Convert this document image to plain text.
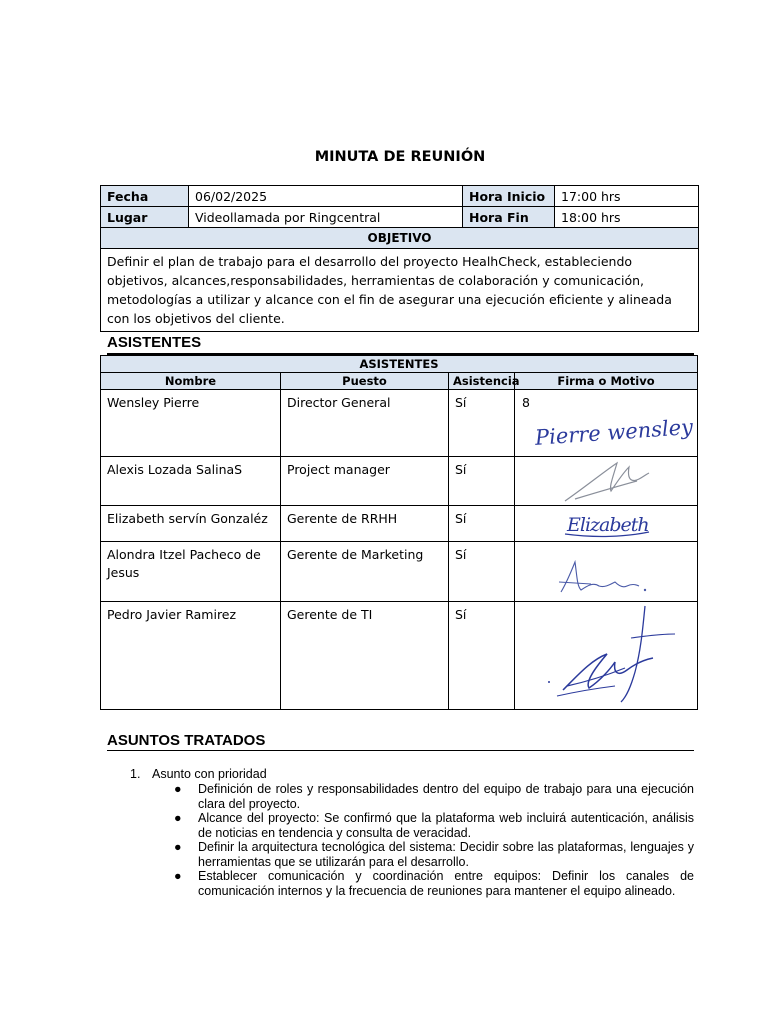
MINUTA DE REUNIÓN
Fecha	06/02/2025	Hora Inicio	17:00 hrs
Lugar	Videollamada por Ringcentral	Hora Fin	18:00 hrs
OBJETIVO			
Definir el plan de trabajo para el desarrollo del proyecto HealhCheck, estableciendo objetivos, alcances,responsabilidades, herramientas de colaboración y comunicación, metodologías a utilizar y alcance con el fin de asegurar una ejecución eficiente y alineada con los objetivos del cliente.			
ASISTENTES
ASISTENTES			
Nombre	Puesto	Asistencia	Firma o Motivo
Wensley Pierre	Director General	Sí	8
Pierre wensley

Alexis Lozada SalinaS	Project manager	Sí	

Elizabeth servín Gonzaléz	Gerente de RRHH	Sí	Elizabeth

Alondra Itzel Pacheco de Jesus	Gerente de Marketing	Sí	

Pedro Javier Ramirez	Gerente de TI	Sí	
ASUNTOS TRATADOS
1. Asunto con prioridad
● Definición de roles y responsabilidades dentro del equipo de trabajo para una ejecución clara del proyecto.
● Alcance del proyecto: Se confirmó que la plataforma web incluirá autenticación, análisis de noticias en tendencia y consulta de veracidad.
● Definir la arquitectura tecnológica del sistema: Decidir sobre las plataformas, lenguajes y herramientas que se utilizarán para el desarrollo.
● Establecer comunicación y coordinación entre equipos: Definir los canales de comunicación internos y la frecuencia de reuniones para mantener el equipo alineado.
